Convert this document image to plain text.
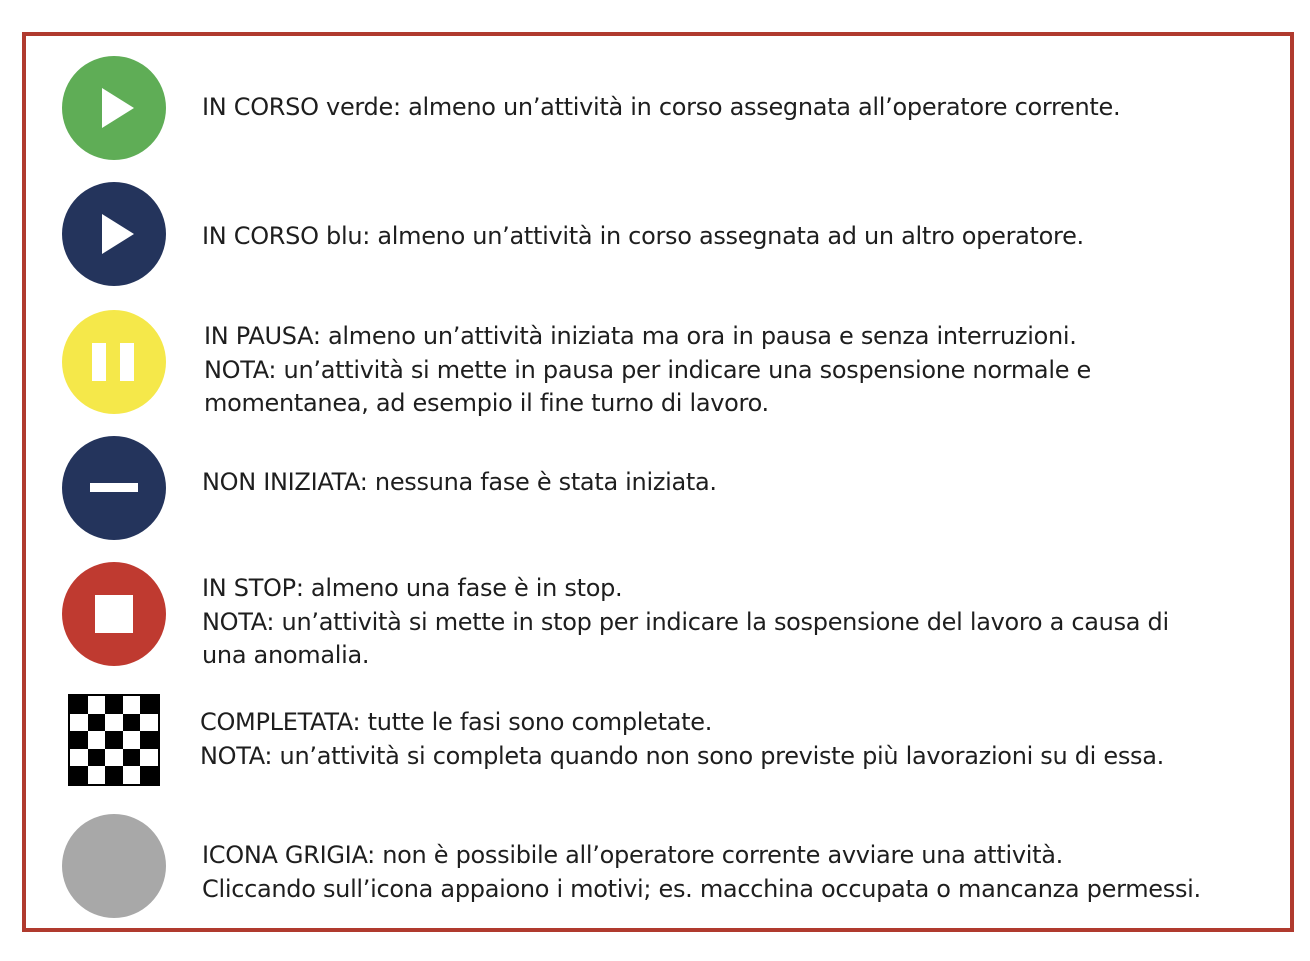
IN CORSO verde: almeno un’attività in corso assegnata all’operatore corrente.
IN CORSO blu: almeno un’attività in corso assegnata ad un altro operatore.
IN PAUSA: almeno un’attività iniziata ma ora in pausa e senza interruzioni.
NOTA: un’attività si mette in pausa per indicare una sospensione normale e
momentanea, ad esempio il fine turno di lavoro.
NON INIZIATA: nessuna fase è stata iniziata.
IN STOP: almeno una fase è in stop.
NOTA: un’attività si mette in stop per indicare la sospensione del lavoro a causa di
una anomalia.
COMPLETATA: tutte le fasi sono completate.
NOTA: un’attività si completa quando non sono previste più lavorazioni su di essa.
ICONA GRIGIA: non è possibile all’operatore corrente avviare una attività.
Cliccando sull’icona appaiono i motivi; es. macchina occupata o mancanza permessi.
